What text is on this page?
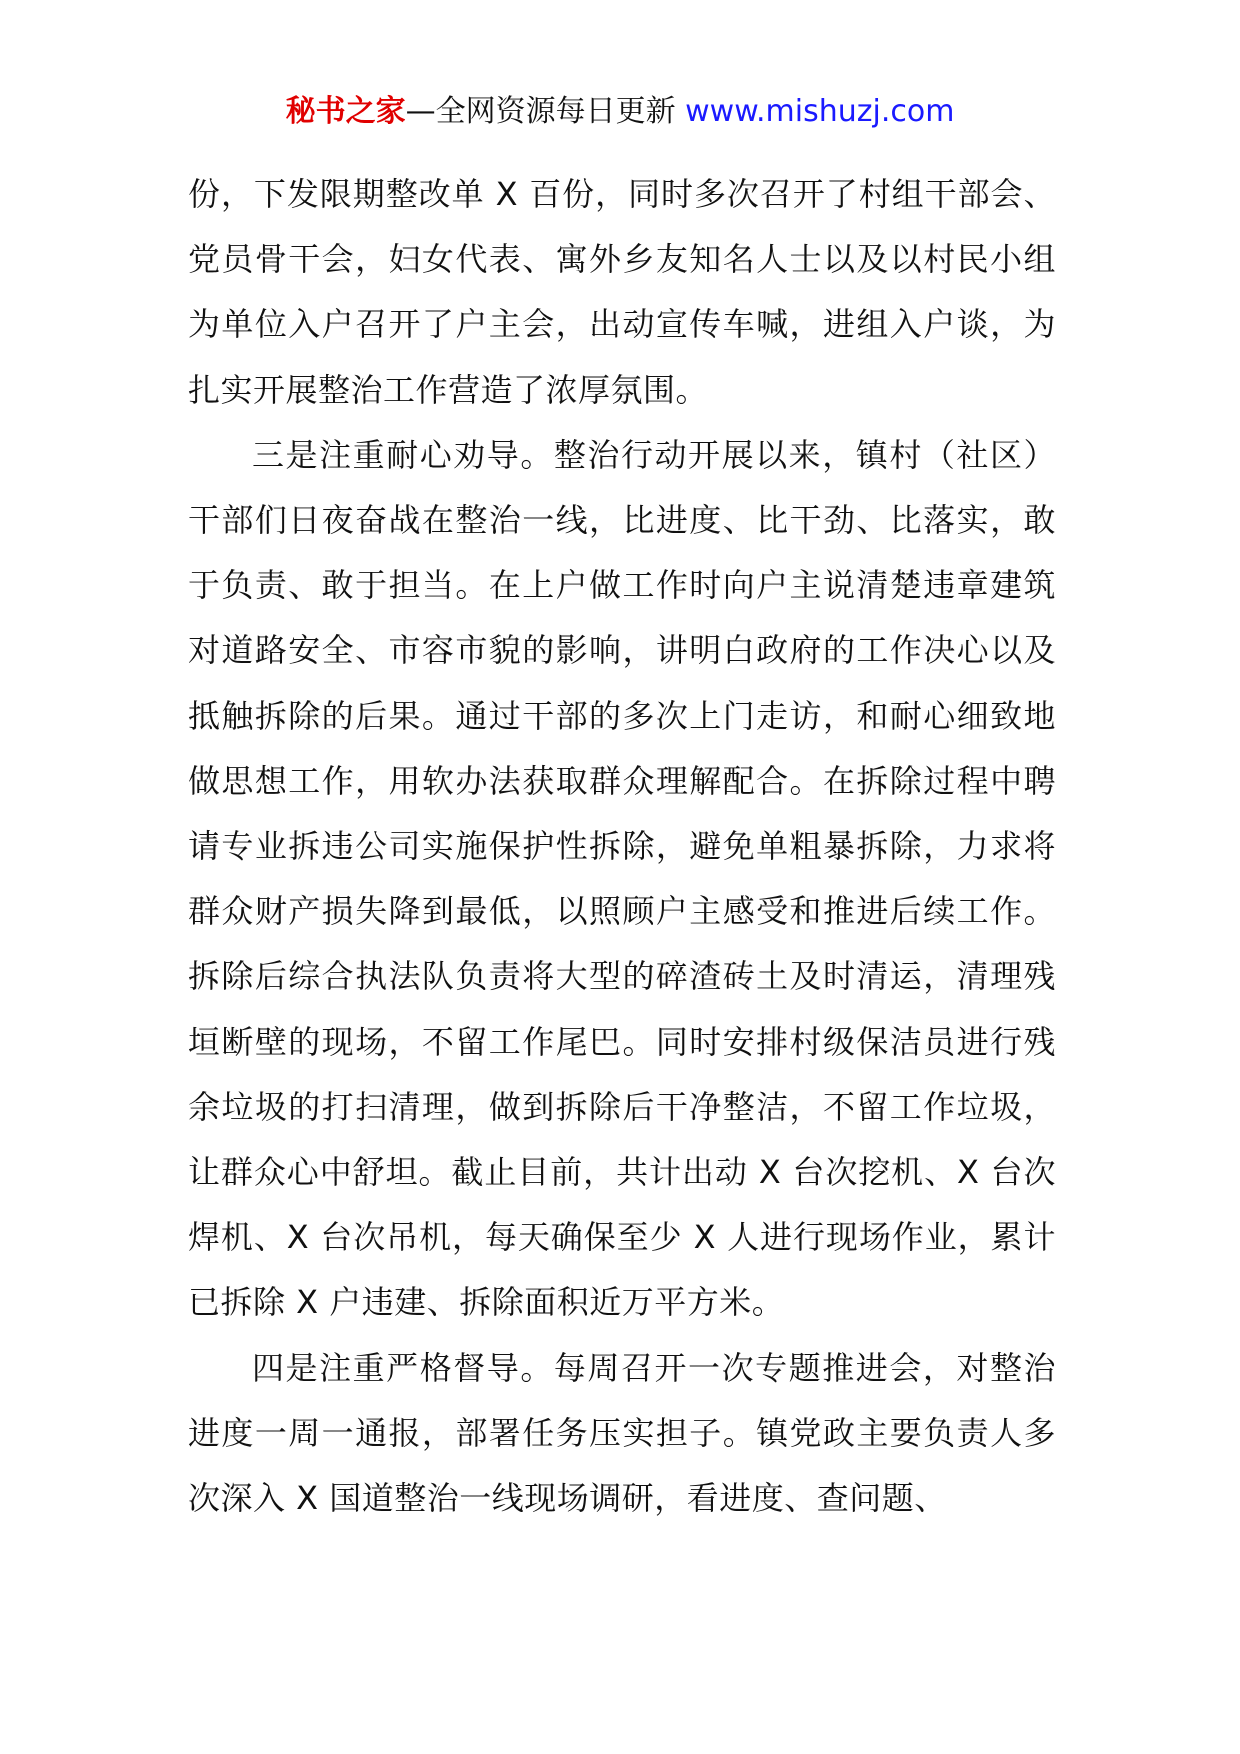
秘书之家—全网资源每日更新 www.mishuzj.com

份，下发限期整改单 X 百份，同时多次召开了村组干部会、党员骨干会，妇女代表、寓外乡友知名人士以及以村民小组为单位入户召开了户主会，出动宣传车喊，进组入户谈，为扎实开展整治工作营造了浓厚氛围。

三是注重耐心劝导。整治行动开展以来，镇村（社区）干部们日夜奋战在整治一线，比进度、比干劲、比落实，敢于负责、敢于担当。在上户做工作时向户主说清楚违章建筑对道路安全、市容市貌的影响，讲明白政府的工作决心以及抵触拆除的后果。通过干部的多次上门走访，和耐心细致地做思想工作，用软办法获取群众理解配合。在拆除过程中聘请专业拆违公司实施保护性拆除，避免单粗暴拆除，力求将群众财产损失降到最低，以照顾户主感受和推进后续工作。拆除后综合执法队负责将大型的碎渣砖土及时清运，清理残垣断壁的现场，不留工作尾巴。同时安排村级保洁员进行残余垃圾的打扫清理，做到拆除后干净整洁，不留工作垃圾，让群众心中舒坦。截止目前，共计出动 X 台次挖机、X 台次焊机、X 台次吊机，每天确保至少 X 人进行现场作业，累计已拆除 X 户违建、拆除面积近万平方米。

四是注重严格督导。每周召开一次专题推进会，对整治进度一周一通报，部署任务压实担子。镇党政主要负责人多次深入 X 国道整治一线现场调研，看进度、查问题、
